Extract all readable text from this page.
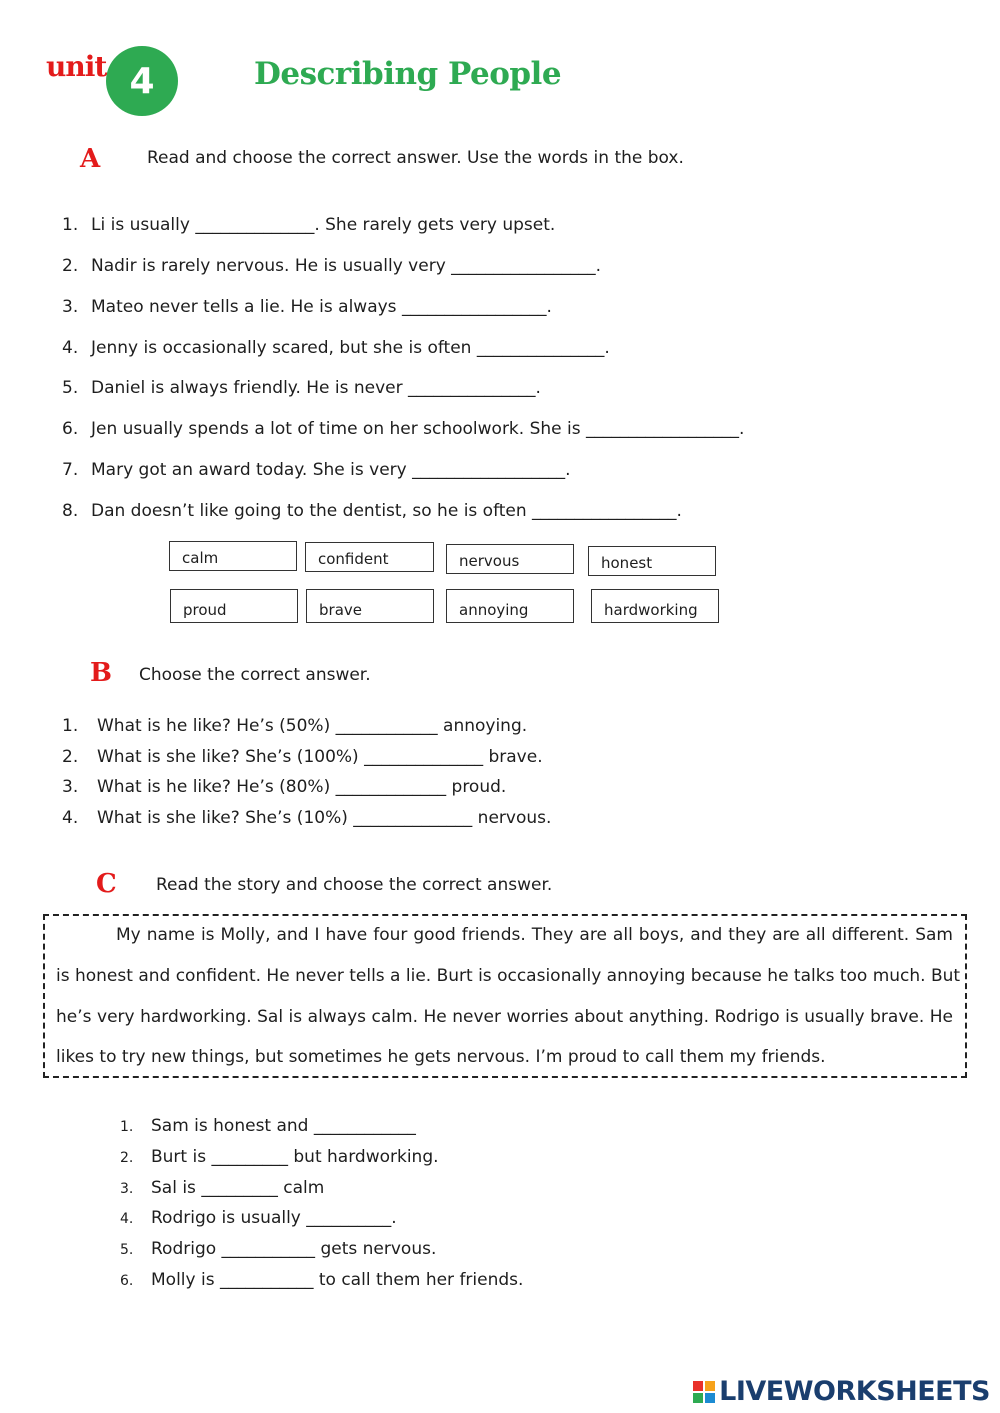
4
unit	Describing People
A	Read and choose the correct answer. Use the words in the box.
1. Li is usually ______________. She rarely gets very upset.
2. Nadir is rarely nervous. He is usually very _________________.
3. Mateo never tells a lie. He is always _________________.
4. Jenny is occasionally scared, but she is often _______________.
5. Daniel is always friendly. He is never _______________.
6. Jen usually spends a lot of time on her schoolwork. She is __________________.
7. Mary got an award today. She is very __________________.
8. Dan doesn’t like going to the dentist, so he is often _________________.
calm	confident	nervous	honest
proud	brave	annoying	hardworking
B Choose the correct answer.
1. What is he like? He’s (50%) ____________ annoying.
2. What is she like? She’s (100%) ______________ brave.
3. What is he like? He’s (80%) _____________ proud.
4. What is she like? She’s (10%) ______________ nervous.
C Read the story and choose the correct answer.
My name is Molly, and I have four good friends. They are all boys, and they are all different. Sam
is honest and confident. He never tells a lie. Burt is occasionally annoying because he talks too much. But
he’s very hardworking. Sal is always calm. He never worries about anything. Rodrigo is usually brave. He
likes to try new things, but sometimes he gets nervous. I’m proud to call them my friends.
1. Sam is honest and ____________
2. Burt is _________ but hardworking.
3. Sal is _________ calm
4. Rodrigo is usually __________.
5. Rodrigo ___________ gets nervous.
6. Molly is ___________ to call them her friends.
LIVEWORKSHEETS
